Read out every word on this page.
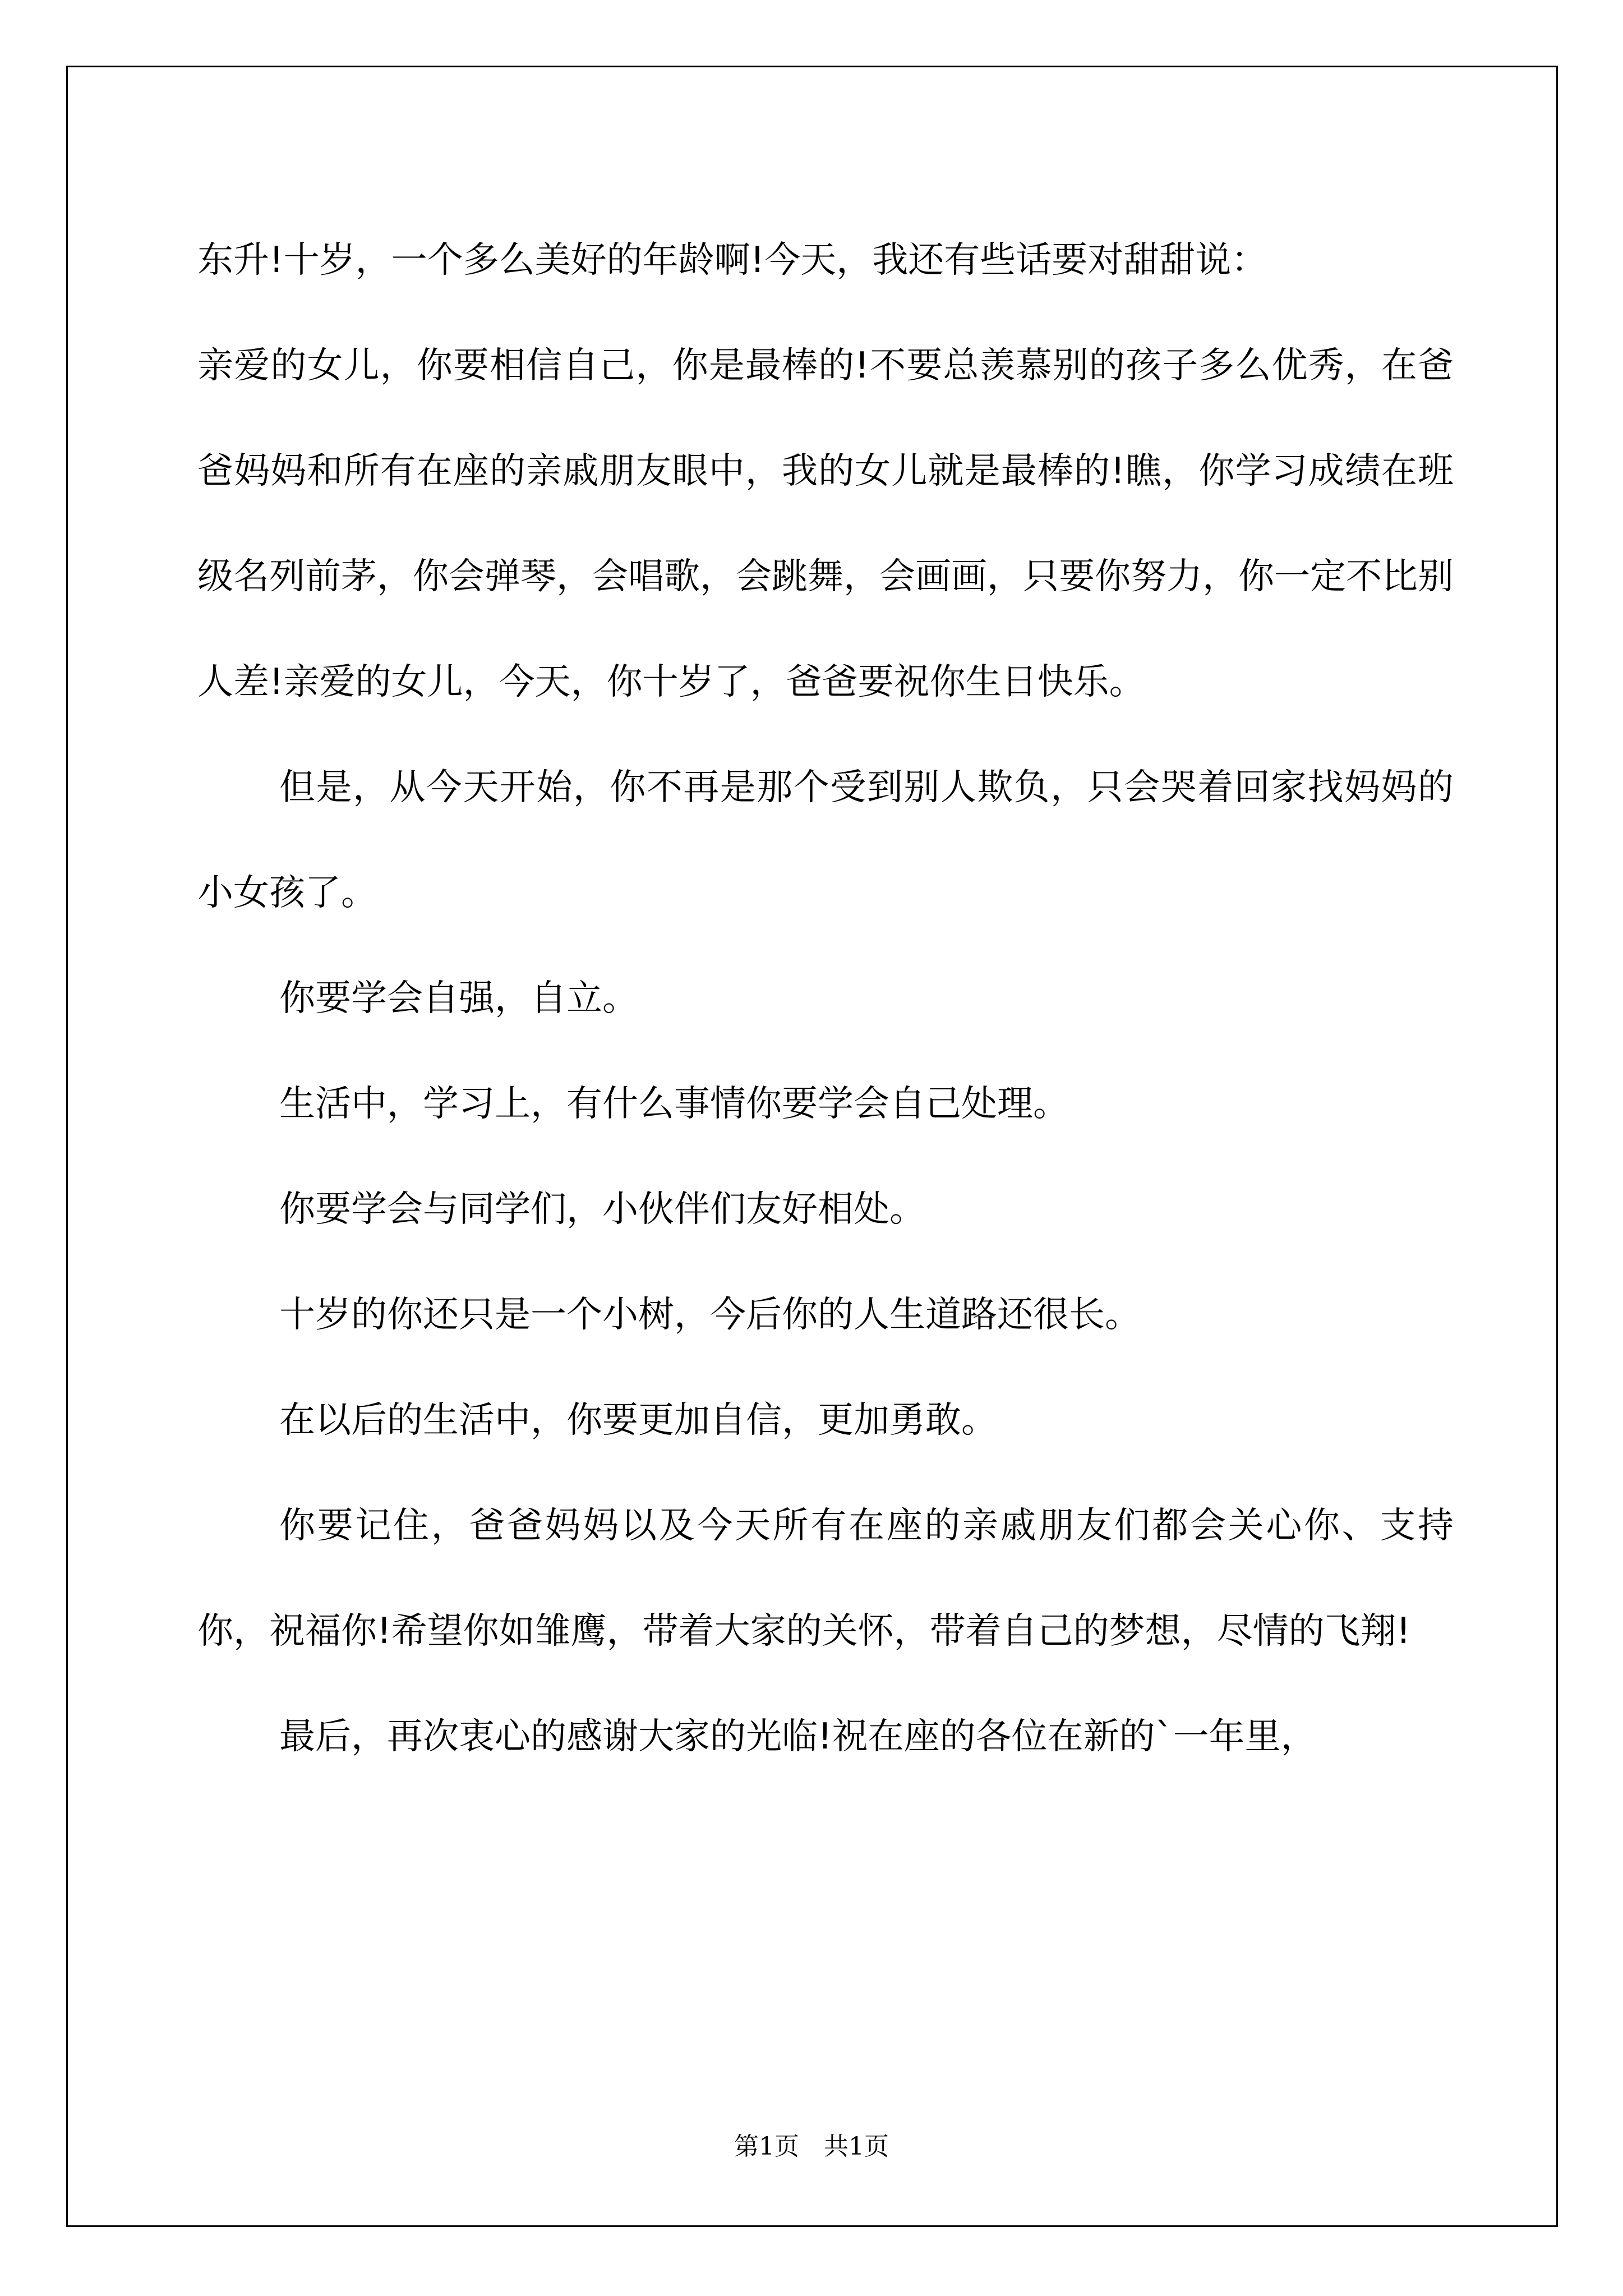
东升!十岁，一个多么美好的年龄啊!今天，我还有些话要对甜甜说：

亲爱的女儿，你要相信自己，你是最棒的!不要总羡慕别的孩子多么优秀，在爸爸妈妈和所有在座的亲戚朋友眼中，我的女儿就是最棒的!瞧，你学习成绩在班级名列前茅，你会弹琴，会唱歌，会跳舞，会画画，只要你努力，你一定不比别人差!亲爱的女儿，今天，你十岁了，爸爸要祝你生日快乐。

但是，从今天开始，你不再是那个受到别人欺负，只会哭着回家找妈妈的小女孩了。

你要学会自强，自立。

生活中，学习上，有什么事情你要学会自己处理。

你要学会与同学们，小伙伴们友好相处。

十岁的你还只是一个小树，今后你的人生道路还很长。

在以后的生活中，你要更加自信，更加勇敢。

你要记住，爸爸妈妈以及今天所有在座的亲戚朋友们都会关心你、支持你，祝福你!希望你如雏鹰，带着大家的关怀，带着自己的梦想，尽情的飞翔!

最后，再次衷心的感谢大家的光临!祝在座的各位在新的`一年里，

第1页　共1页
